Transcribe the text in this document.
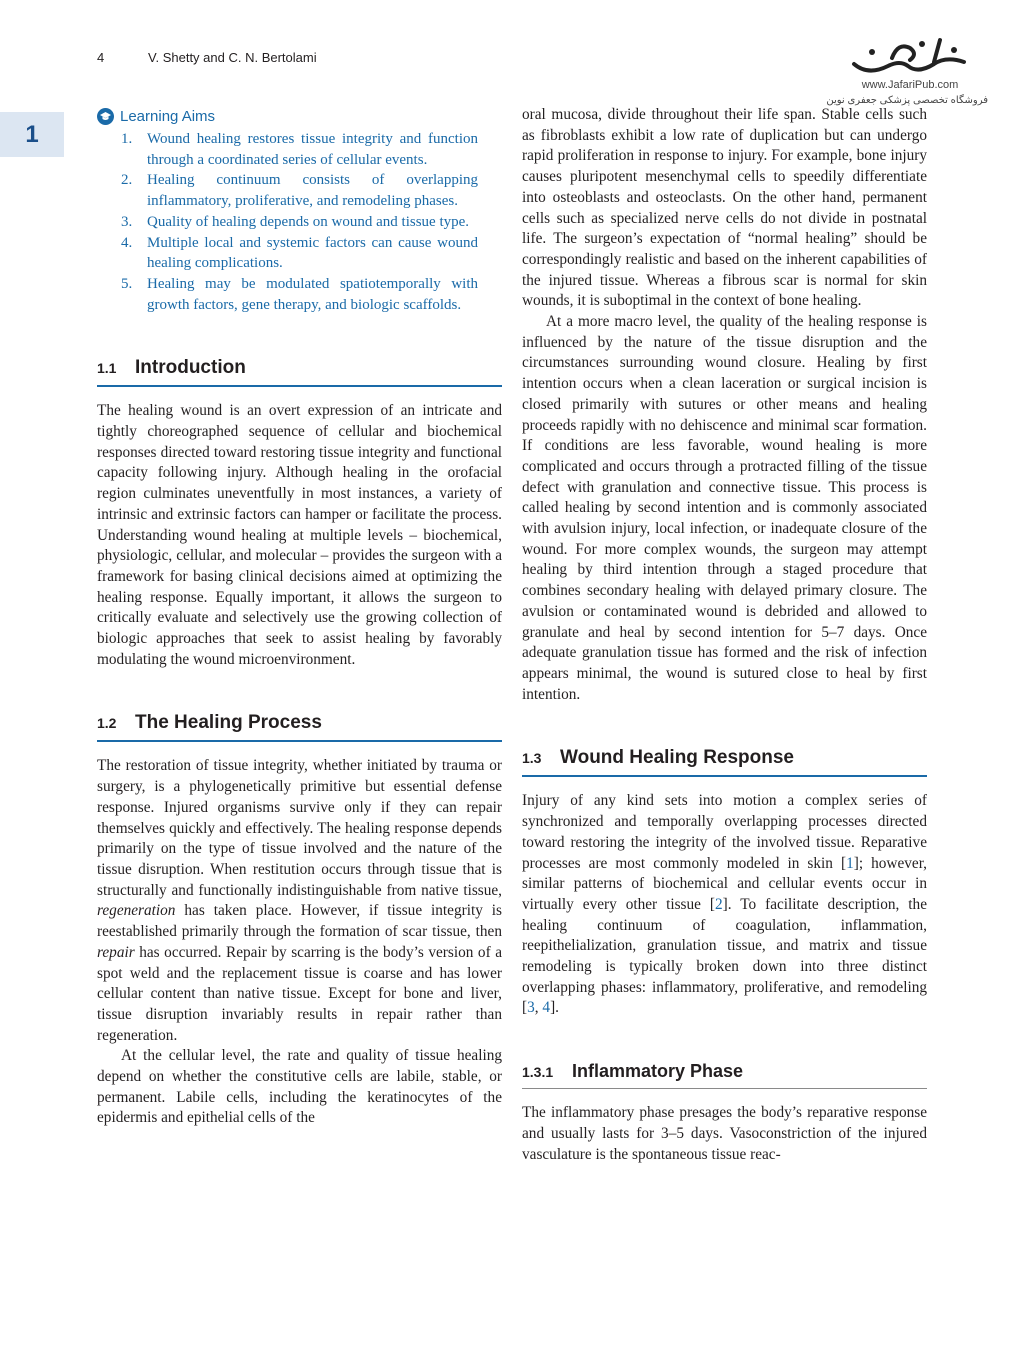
4	V. Shetty and C. N. Bertolami
1
www.JafariPub.com
فروشگاه تخصصی پزشکی جعفری نوین
Learning Aims
1. Wound healing restores tissue integrity and function through a coordinated series of cellular events.
2. Healing continuum consists of overlapping inflammatory, proliferative, and remodeling phases.
3. Quality of healing depends on wound and tissue type.
4. Multiple local and systemic factors can cause wound healing complications.
5. Healing may be modulated spatiotemporally with growth factors, gene therapy, and biologic scaffolds.
1.1 Introduction

The healing wound is an overt expression of an intricate and tightly choreographed sequence of cellular and biochemical responses directed toward restoring tissue integrity and functional capacity following injury. Although healing in the orofacial region culminates uneventfully in most instances, a variety of intrinsic and extrinsic factors can hamper or facilitate the process. Understanding wound healing at multiple levels – biochemical, physiologic, cellular, and molecular – provides the surgeon with a framework for basing clinical decisions aimed at optimizing the healing response. Equally important, it allows the surgeon to critically evaluate and selectively use the growing collection of biologic approaches that seek to assist healing by favorably modulating the wound microenvironment.

1.2 The Healing Process

The restoration of tissue integrity, whether initiated by trauma or surgery, is a phylogenetically primitive but essential defense response. Injured organisms survive only if they can repair themselves quickly and effectively. The healing response depends primarily on the type of tissue involved and the nature of the tissue disruption. When restitution occurs through tissue that is structurally and functionally indistinguishable from native tissue, regeneration has taken place. However, if tissue integrity is reestablished primarily through the formation of scar tissue, then repair has occurred. Repair by scarring is the body’s version of a spot weld and the replacement tissue is coarse and has lower cellular content than native tissue. Except for bone and liver, tissue disruption invariably results in repair rather than regeneration.

At the cellular level, the rate and quality of tissue healing depend on whether the constitutive cells are labile, stable, or permanent. Labile cells, including the keratinocytes of the epidermis and epithelial cells of the

oral mucosa, divide throughout their life span. Stable cells such as fibroblasts exhibit a low rate of duplication but can undergo rapid proliferation in response to injury. For example, bone injury causes pluripotent mesenchymal cells to speedily differentiate into osteoblasts and osteoclasts. On the other hand, permanent cells such as specialized nerve cells do not divide in postnatal life. The surgeon’s expectation of “normal healing” should be correspondingly realistic and based on the inherent capabilities of the injured tissue. Whereas a fibrous scar is normal for skin wounds, it is suboptimal in the context of bone healing.

At a more macro level, the quality of the healing response is influenced by the nature of the tissue disruption and the circumstances surrounding wound closure. Healing by first intention occurs when a clean laceration or surgical incision is closed primarily with sutures or other means and healing proceeds rapidly with no dehiscence and minimal scar formation. If conditions are less favorable, wound healing is more complicated and occurs through a protracted filling of the tissue defect with granulation and connective tissue. This process is called healing by second intention and is commonly associated with avulsion injury, local infection, or inadequate closure of the wound. For more complex wounds, the surgeon may attempt healing by third intention through a staged procedure that combines secondary healing with delayed primary closure. The avulsion or contaminated wound is debrided and allowed to granulate and heal by second intention for 5–7 days. Once adequate granulation tissue has formed and the risk of infection appears minimal, the wound is sutured close to heal by first intention.

1.3 Wound Healing Response

Injury of any kind sets into motion a complex series of synchronized and temporally overlapping processes directed toward restoring the integrity of the involved tissue. Reparative processes are most commonly modeled in skin [1]; however, similar patterns of biochemical and cellular events occur in virtually every other tissue [2]. To facilitate description, the healing continuum of coagulation, inflammation, reepithelialization, granulation tissue, and matrix and tissue remodeling is typically broken down into three distinct overlapping phases: inflammatory, proliferative, and remodeling [3, 4].

1.3.1	Inflammatory Phase

The inflammatory phase presages the body’s reparative response and usually lasts for 3–5 days. Vasoconstriction of the injured vasculature is the spontaneous tissue reac-
